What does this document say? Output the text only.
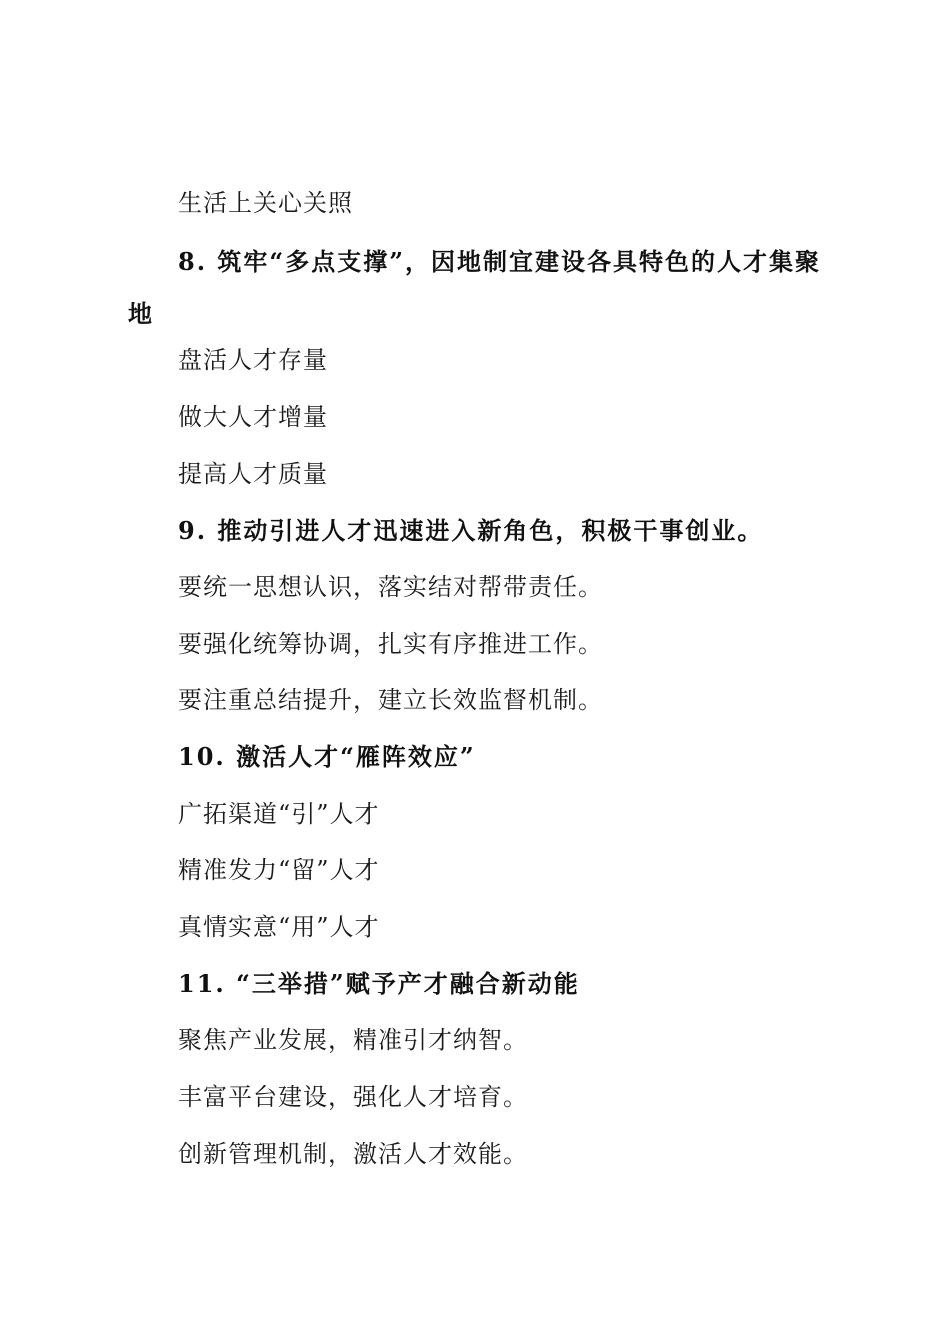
生活上关心关照

8. 筑牢“多点支撑”，因地制宜建设各具特色的人才集聚地

盘活人才存量

做大人才增量

提高人才质量

9. 推动引进人才迅速进入新角色，积极干事创业。

要统一思想认识，落实结对帮带责任。

要强化统筹协调，扎实有序推进工作。

要注重总结提升，建立长效监督机制。

10. 激活人才“雁阵效应”

广拓渠道“引”人才

精准发力“留”人才

真情实意“用”人才

11. “三举措”赋予产才融合新动能

聚焦产业发展，精准引才纳智。

丰富平台建设，强化人才培育。

创新管理机制，激活人才效能。
